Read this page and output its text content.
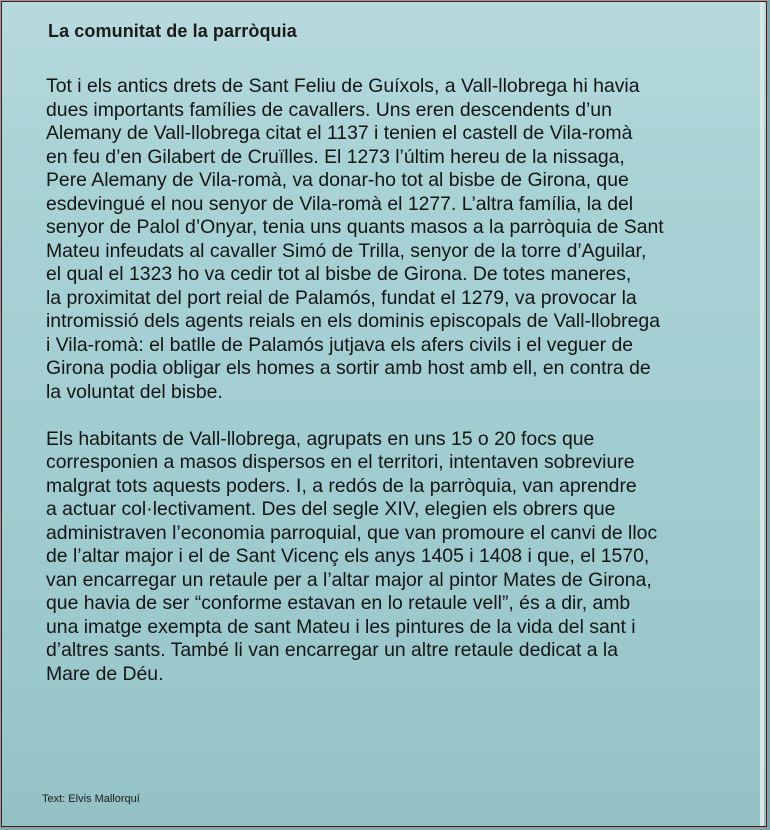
La comunitat de la parròquia

Tot i els antics drets de Sant Feliu de Guíxols, a Vall-llobrega hi havia
dues importants famílies de cavallers. Uns eren descendents d’un
Alemany de Vall-llobrega citat el 1137 i tenien el castell de Vila-romà
en feu d’en Gilabert de Cruïlles. El 1273 l’últim hereu de la nissaga,
Pere Alemany de Vila-romà, va donar-ho tot al bisbe de Girona, que
esdevingué el nou senyor de Vila-romà el 1277. L’altra família, la del
senyor de Palol d’Onyar, tenia uns quants masos a la parròquia de Sant
Mateu infeudats al cavaller Simó de Trilla, senyor de la torre d’Aguilar,
el qual el 1323 ho va cedir tot al bisbe de Girona. De totes maneres,
la proximitat del port reial de Palamós, fundat el 1279, va provocar la
intromissió dels agents reials en els dominis episcopals de Vall-llobrega
i Vila-romà: el batlle de Palamós jutjava els afers civils i el veguer de
Girona podia obligar els homes a sortir amb host amb ell, en contra de
la voluntat del bisbe.

Els habitants de Vall-llobrega, agrupats en uns 15 o 20 focs que
corresponien a masos dispersos en el territori, intentaven sobreviure
malgrat tots aquests poders. I, a redós de la parròquia, van aprendre
a actuar col·lectivament. Des del segle XIV, elegien els obrers que
administraven l’economia parroquial, que van promoure el canvi de lloc
de l’altar major i el de Sant Vicenç els anys 1405 i 1408 i que, el 1570,
van encarregar un retaule per a l’altar major al pintor Mates de Girona,
que havia de ser “conforme estavan en lo retaule vell”, és a dir, amb
una imatge exempta de sant Mateu i les pintures de la vida del sant i
d’altres sants. També li van encarregar un altre retaule dedicat a la
Mare de Déu.

Text: Elvis Mallorquí
